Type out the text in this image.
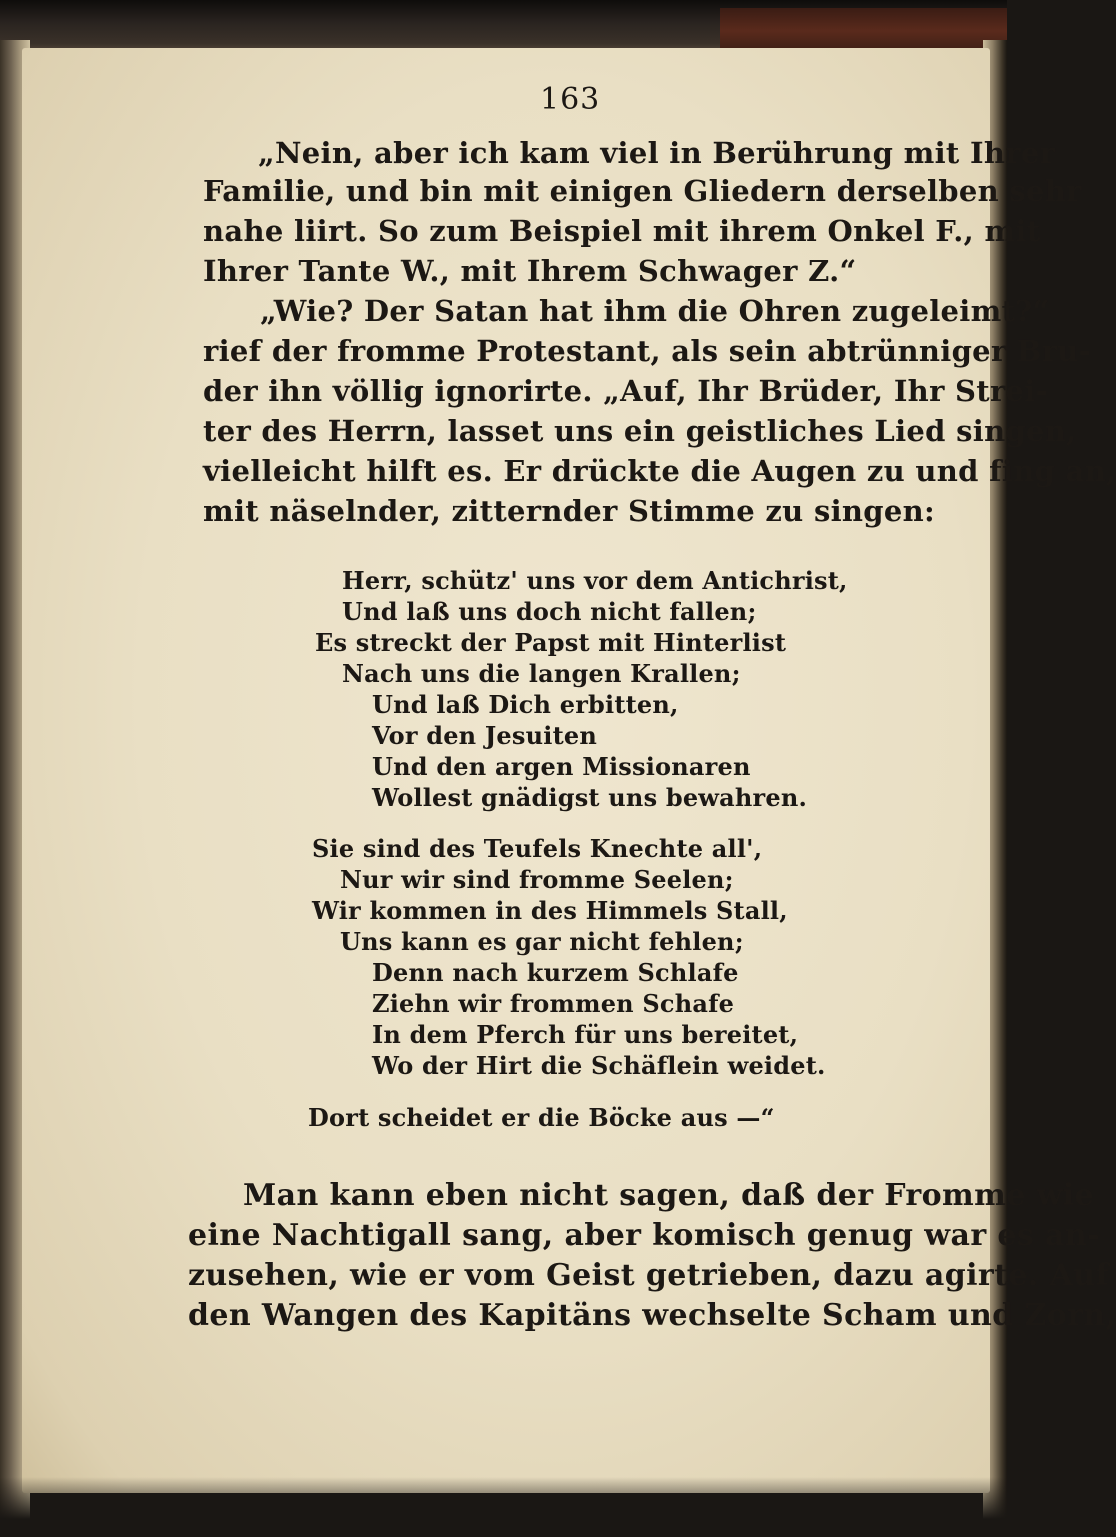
163
„Nein, aber ich kam viel in Berührung mit Ihrer
Familie, und bin mit einigen Gliedern derselben sehr
nahe liirt. So zum Beispiel mit ihrem Onkel F., mit
Ihrer Tante W., mit Ihrem Schwager Z.“
„Wie? Der Satan hat ihm die Ohren zugeleimt?“
rief der fromme Protestant, als sein abtrünniger Bru-
der ihn völlig ignorirte. „Auf, Ihr Brüder, Ihr Strei-
ter des Herrn, lasset uns ein geistliches Lied singen,
vielleicht hilft es. Er drückte die Augen zu und fing an,
mit näselnder, zitternder Stimme zu singen:
Herr, schütz' uns vor dem Antichrist,
Und laß uns doch nicht fallen;
Es streckt der Papst mit Hinterlist
Nach uns die langen Krallen;
Und laß Dich erbitten,
Vor den Jesuiten
Und den argen Missionaren
Wollest gnädigst uns bewahren.
Sie sind des Teufels Knechte all',
Nur wir sind fromme Seelen;
Wir kommen in des Himmels Stall,
Uns kann es gar nicht fehlen;
Denn nach kurzem Schlafe
Ziehn wir frommen Schafe
In dem Pferch für uns bereitet,
Wo der Hirt die Schäflein weidet.
Dort scheidet er die Böcke aus —“
Man kann eben nicht sagen, daß der Fromme wie
eine Nachtigall sang, aber komisch genug war es an-
zusehen, wie er vom Geist getrieben, dazu agirte. Auf
den Wangen des Kapitäns wechselte Scham und Zorn,
